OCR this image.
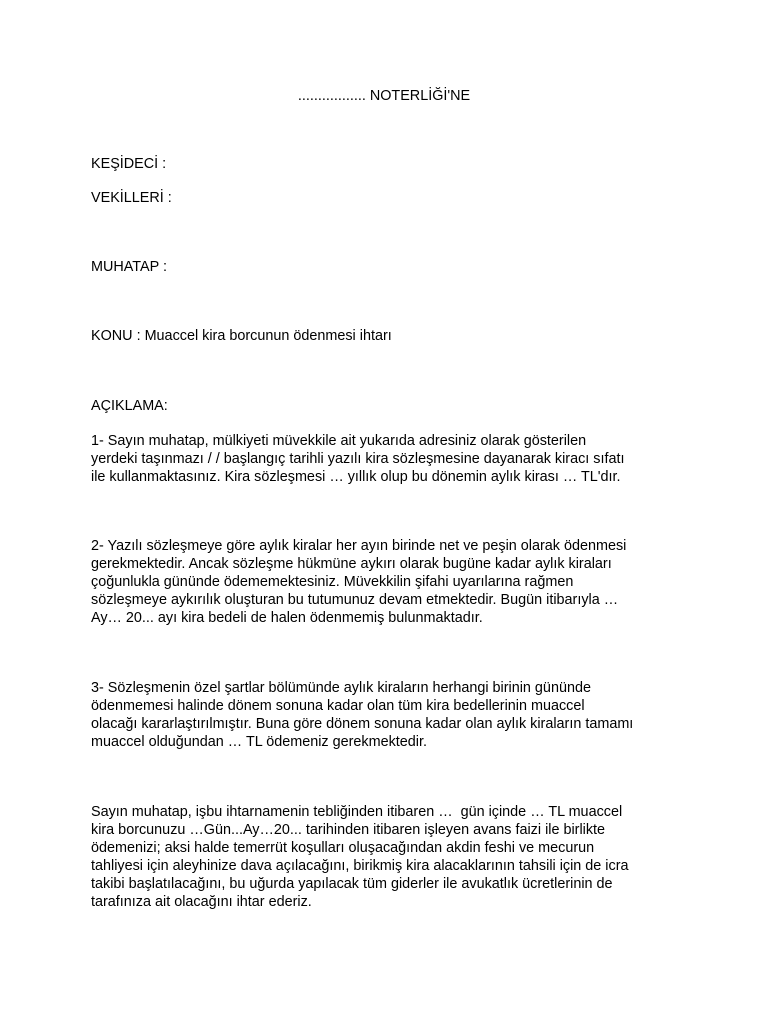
................. NOTERLİĞİ'NE
KEŞİDECİ :
VEKİLLERİ :
MUHATAP :
KONU : Muaccel kira borcunun ödenmesi ihtarı
AÇIKLAMA:
1- Sayın muhatap, mülkiyeti müvekkile ait yukarıda adresiniz olarak gösterilen
yerdeki taşınmazı / / başlangıç tarihli yazılı kira sözleşmesine dayanarak kiracı sıfatı
ile kullanmaktasınız. Kira sözleşmesi … yıllık olup bu dönemin aylık kirası … TL'dır.
2- Yazılı sözleşmeye göre aylık kiralar her ayın birinde net ve peşin olarak ödenmesi
gerekmektedir. Ancak sözleşme hükmüne aykırı olarak bugüne kadar aylık kiraları
çoğunlukla gününde ödememektesiniz. Müvekkilin şifahi uyarılarına rağmen
sözleşmeye aykırılık oluşturan bu tutumunuz devam etmektedir. Bugün itibarıyla …
Ay… 20... ayı kira bedeli de halen ödenmemiş bulunmaktadır.
3- Sözleşmenin özel şartlar bölümünde aylık kiraların herhangi birinin gününde
ödenmemesi halinde dönem sonuna kadar olan tüm kira bedellerinin muaccel
olacağı kararlaştırılmıştır. Buna göre dönem sonuna kadar olan aylık kiraların tamamı
muaccel olduğundan … TL ödemeniz gerekmektedir.
Sayın muhatap, işbu ihtarnamenin tebliğinden itibaren …  gün içinde … TL muaccel
kira borcunuzu …Gün...Ay…20... tarihinden itibaren işleyen avans faizi ile birlikte
ödemenizi; aksi halde temerrüt koşulları oluşacağından akdin feshi ve mecurun
tahliyesi için aleyhinize dava açılacağını, birikmiş kira alacaklarının tahsili için de icra
takibi başlatılacağını, bu uğurda yapılacak tüm giderler ile avukatlık ücretlerinin de
tarafınıza ait olacağını ihtar ederiz.
